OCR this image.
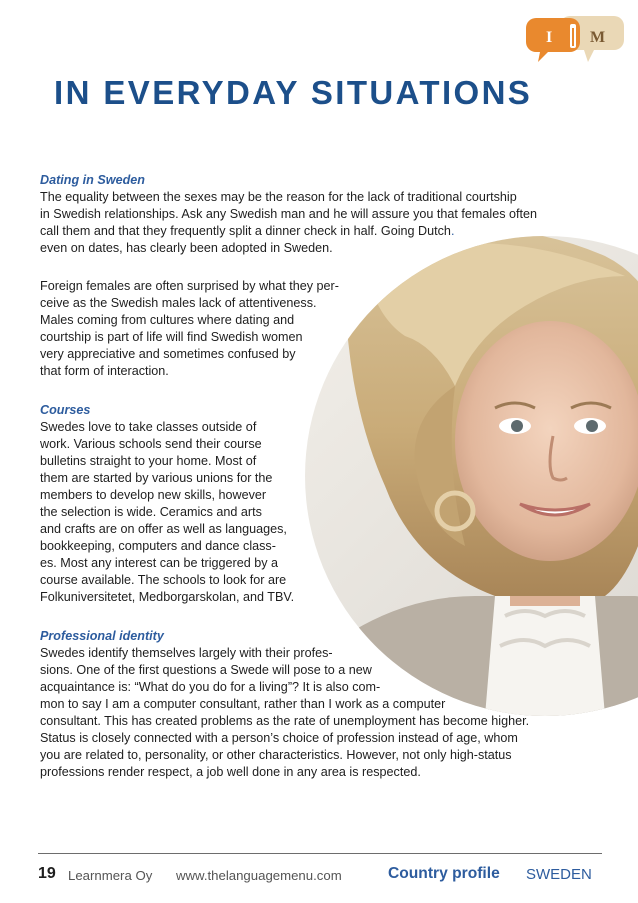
I M
IN EVERYDAY SITUATIONS

Dating in Sweden

The equality between the sexes may be the reason for the lack of traditional courtship

in Swedish relationships. Ask any Swedish man and he will assure you that females often

call them and that they frequently split a dinner check in half. Going Dutch.

even on dates, has clearly been adopted in Sweden.

Foreign females are often surprised by what they per-

ceive as the Swedish males lack of attentiveness.

Males coming from cultures where dating and

courtship is part of life will find Swedish women

very appreciative and sometimes confused by

that form of interaction.

Courses

Swedes love to take classes outside of

work. Various schools send their course

bulletins straight to your home. Most of

them are started by various unions for the

members to develop new skills, however

the selection is wide. Ceramics and arts

and crafts are on offer as well as languages,

bookkeeping, computers and dance class-

es. Most any interest can be triggered by a

course available. The schools to look for are

Folkuniversitetet, Medborgarskolan, and TBV.

Professional identity

Swedes identify themselves largely with their profes-

sions. One of the first questions a Swede will pose to a new

acquaintance is: “What do you do for a living”? It is also com-

mon to say I am a computer consultant, rather than I work as a computer

consultant. This has created problems as the rate of unemployment has become higher.

Status is closely connected with a person’s choice of profession instead of age, whom

you are related to, personality, or other characteristics. However, not only high-status

professions render respect, a job well done in any area is respected.

19 Learnmera Oy www.thelanguagemenu.com	Country profile SWEDEN
